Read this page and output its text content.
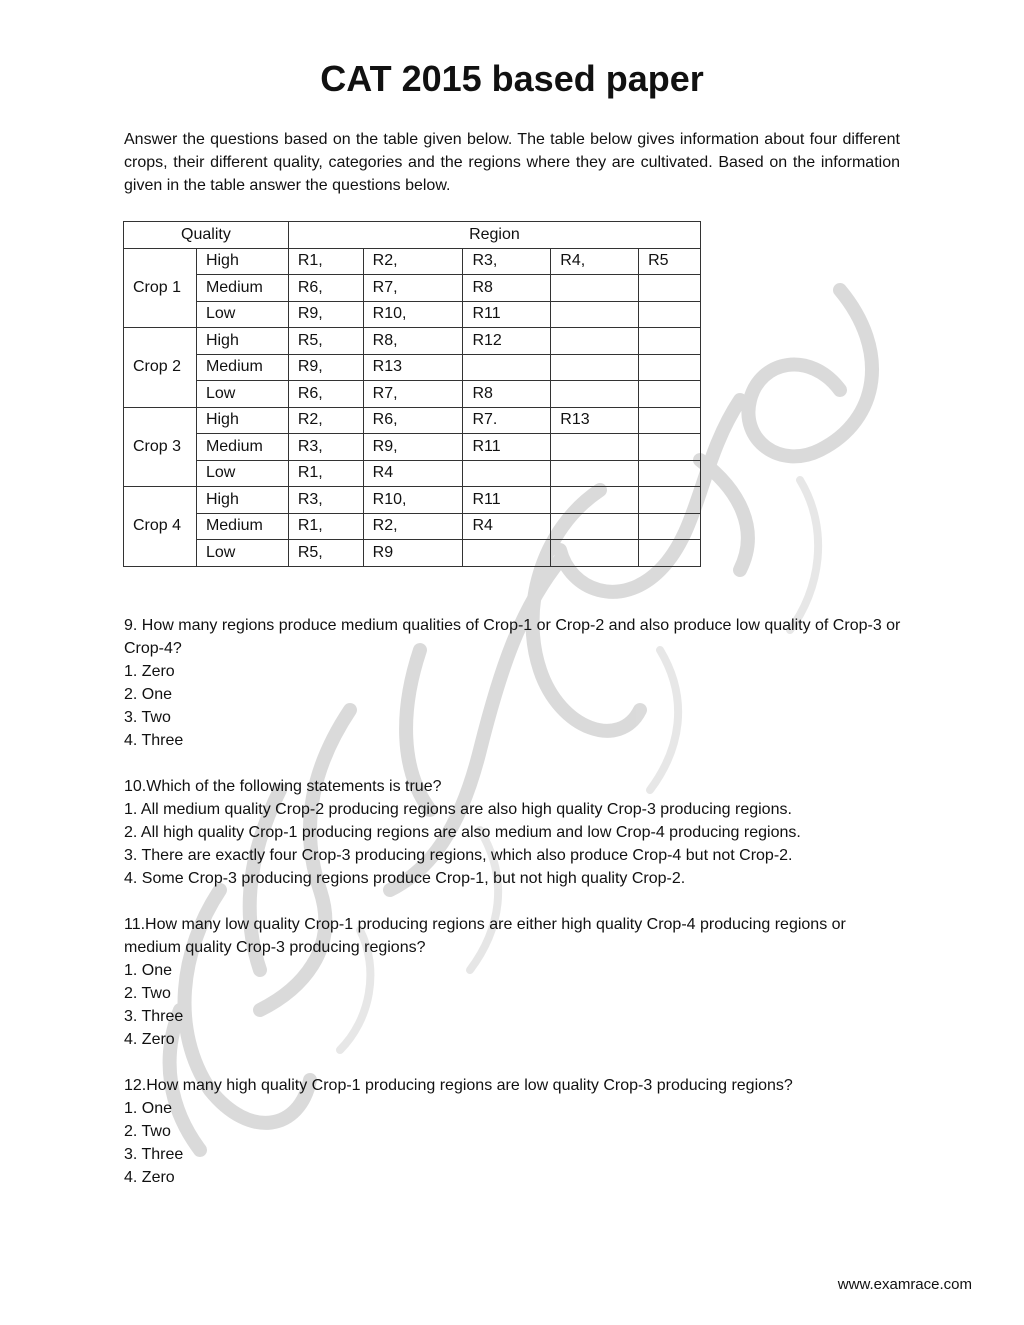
CAT 2015 based paper

Answer the questions based on the table given below. The table below gives information about four different crops, their different quality, categories and the regions where they are cultivated. Based on the information given in the table answer the questions below.

Quality		Region				
Crop 1	High	R1,	R2,	R3,	R4,	R5
	Medium	R6,	R7,	R8		
	Low	R9,	R10,	R11		
Crop 2	High	R5,	R8,	R12		
	Medium	R9,	R13			
	Low	R6,	R7,	R8		
Crop 3	High	R2,	R6,	R7.	R13	
	Medium	R3,	R9,	R11		
	Low	R1,	R4			
Crop 4	High	R3,	R10,	R11		
	Medium	R1,	R2,	R4		
	Low	R5,	R9			

9. How many regions produce medium qualities of Crop-1 or Crop-2 and also produce low quality of Crop-3 or Crop-4?

1. Zero

2. One

3. Two

4. Three

10.Which of the following statements is true?

1. All medium quality Crop-2 producing regions are also high quality Crop-3 producing regions.

2. All high quality Crop-1 producing regions are also medium and low Crop-4 producing regions.

3. There are exactly four Crop-3 producing regions, which also produce Crop-4 but not Crop-2.

4. Some Crop-3 producing regions produce Crop-1, but not high quality Crop-2.

11.How many low quality Crop-1 producing regions are either high quality Crop-4 producing regions or medium quality Crop-3 producing regions?

1. One

2. Two

3. Three

4. Zero

12.How many high quality Crop-1 producing regions are low quality Crop-3 producing regions?

1. One

2. Two

3. Three

4. Zero

www.examrace.com
